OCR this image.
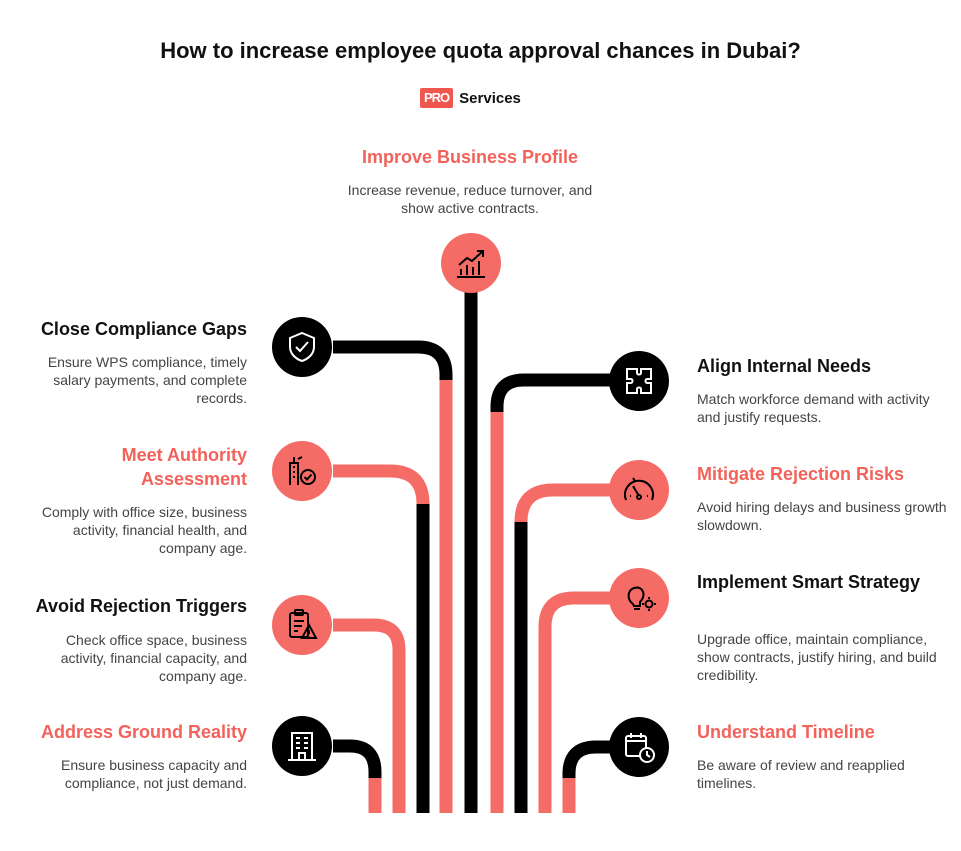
How to increase employee quota approval chances in Dubai?
PRO Services
Improve Business Profile
Increase revenue, reduce turnover, and show active contracts.
Close Compliance Gaps
Ensure WPS compliance, timely salary payments, and complete records.
Meet Authority Assessment
Comply with office size, business activity, financial health, and company age.
Avoid Rejection Triggers
Check office space, business activity, financial capacity, and company age.
Address Ground Reality
Ensure business capacity and compliance, not just demand.
Align Internal Needs
Match workforce demand with activity and justify requests.
Mitigate Rejection Risks
Avoid hiring delays and business growth slowdown.
Implement Smart Strategy
Upgrade office, maintain compliance, show contracts, justify hiring, and build credibility.
Understand Timeline
Be aware of review and reapplied timelines.
